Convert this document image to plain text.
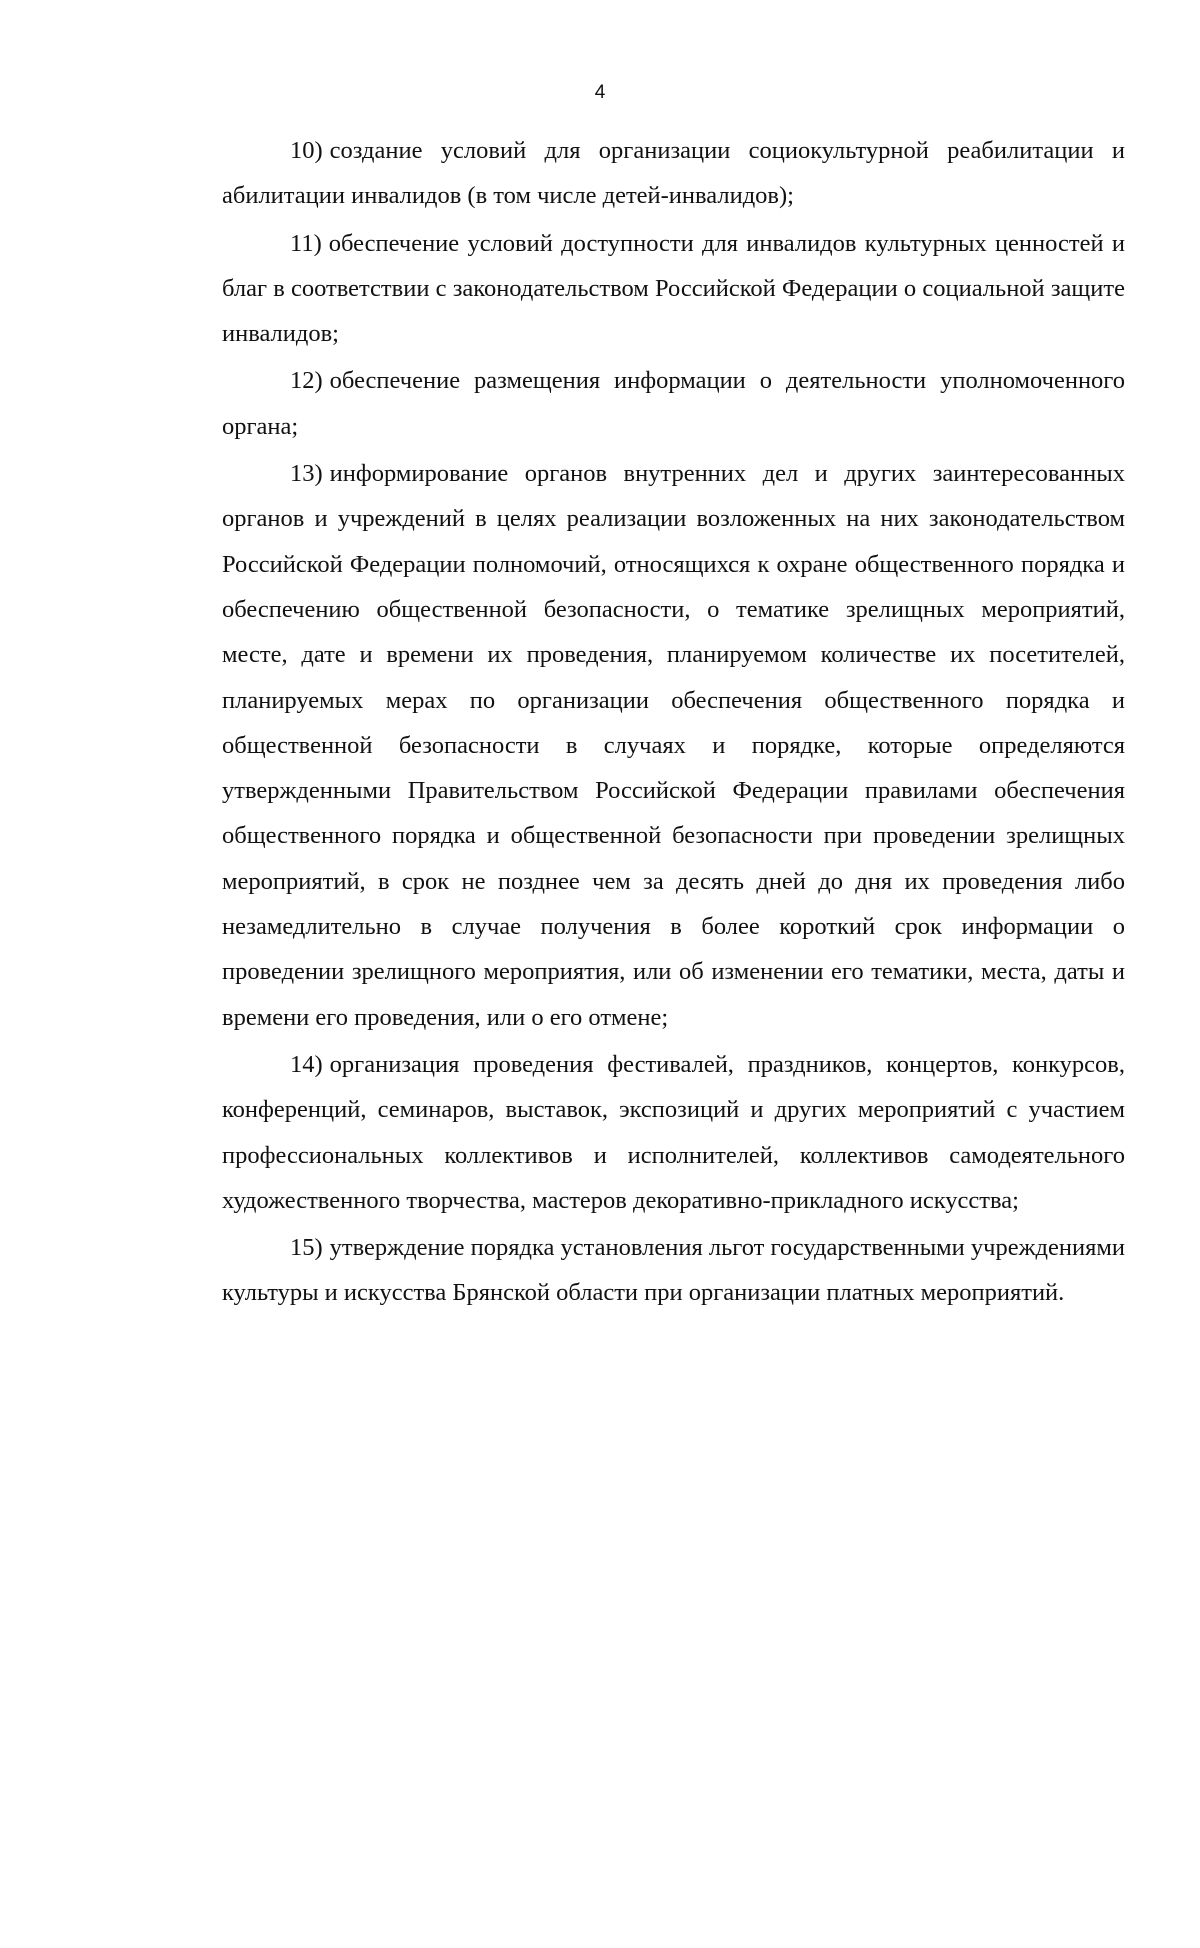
4

10) создание условий для организации социокультурной реабилитации и абилитации инвалидов (в том числе детей-инвалидов);

11) обеспечение условий доступности для инвалидов культурных ценностей и благ в соответствии с законодательством Российской Федерации о социальной защите инвалидов;

12) обеспечение размещения информации о деятельности уполномоченного органа;

13) информирование органов внутренних дел и других заинтересованных органов и учреждений в целях реализации возложенных на них законодательством Российской Федерации полномочий, относящихся к охране общественного порядка и обеспечению общественной безопасности, о тематике зрелищных мероприятий, месте, дате и времени их проведения, планируемом количестве их посетителей, планируемых мерах по организации обеспечения общественного порядка и общественной безопасности в случаях и порядке, которые определяются утвержденными Правительством Российской Федерации правилами обеспечения общественного порядка и общественной безопасности при проведении зрелищных мероприятий, в срок не позднее чем за десять дней до дня их проведения либо незамедлительно в случае получения в более короткий срок информации о проведении зрелищного мероприятия, или об изменении его тематики, места, даты и времени его проведения, или о его отмене;

14) организация проведения фестивалей, праздников, концертов, конкурсов, конференций, семинаров, выставок, экспозиций и других мероприятий с участием профессиональных коллективов и исполнителей, коллективов самодеятельного художественного творчества, мастеров декоративно-прикладного искусства;

15) утверждение порядка установления льгот государственными учреждениями культуры и искусства Брянской области при организации платных мероприятий.
